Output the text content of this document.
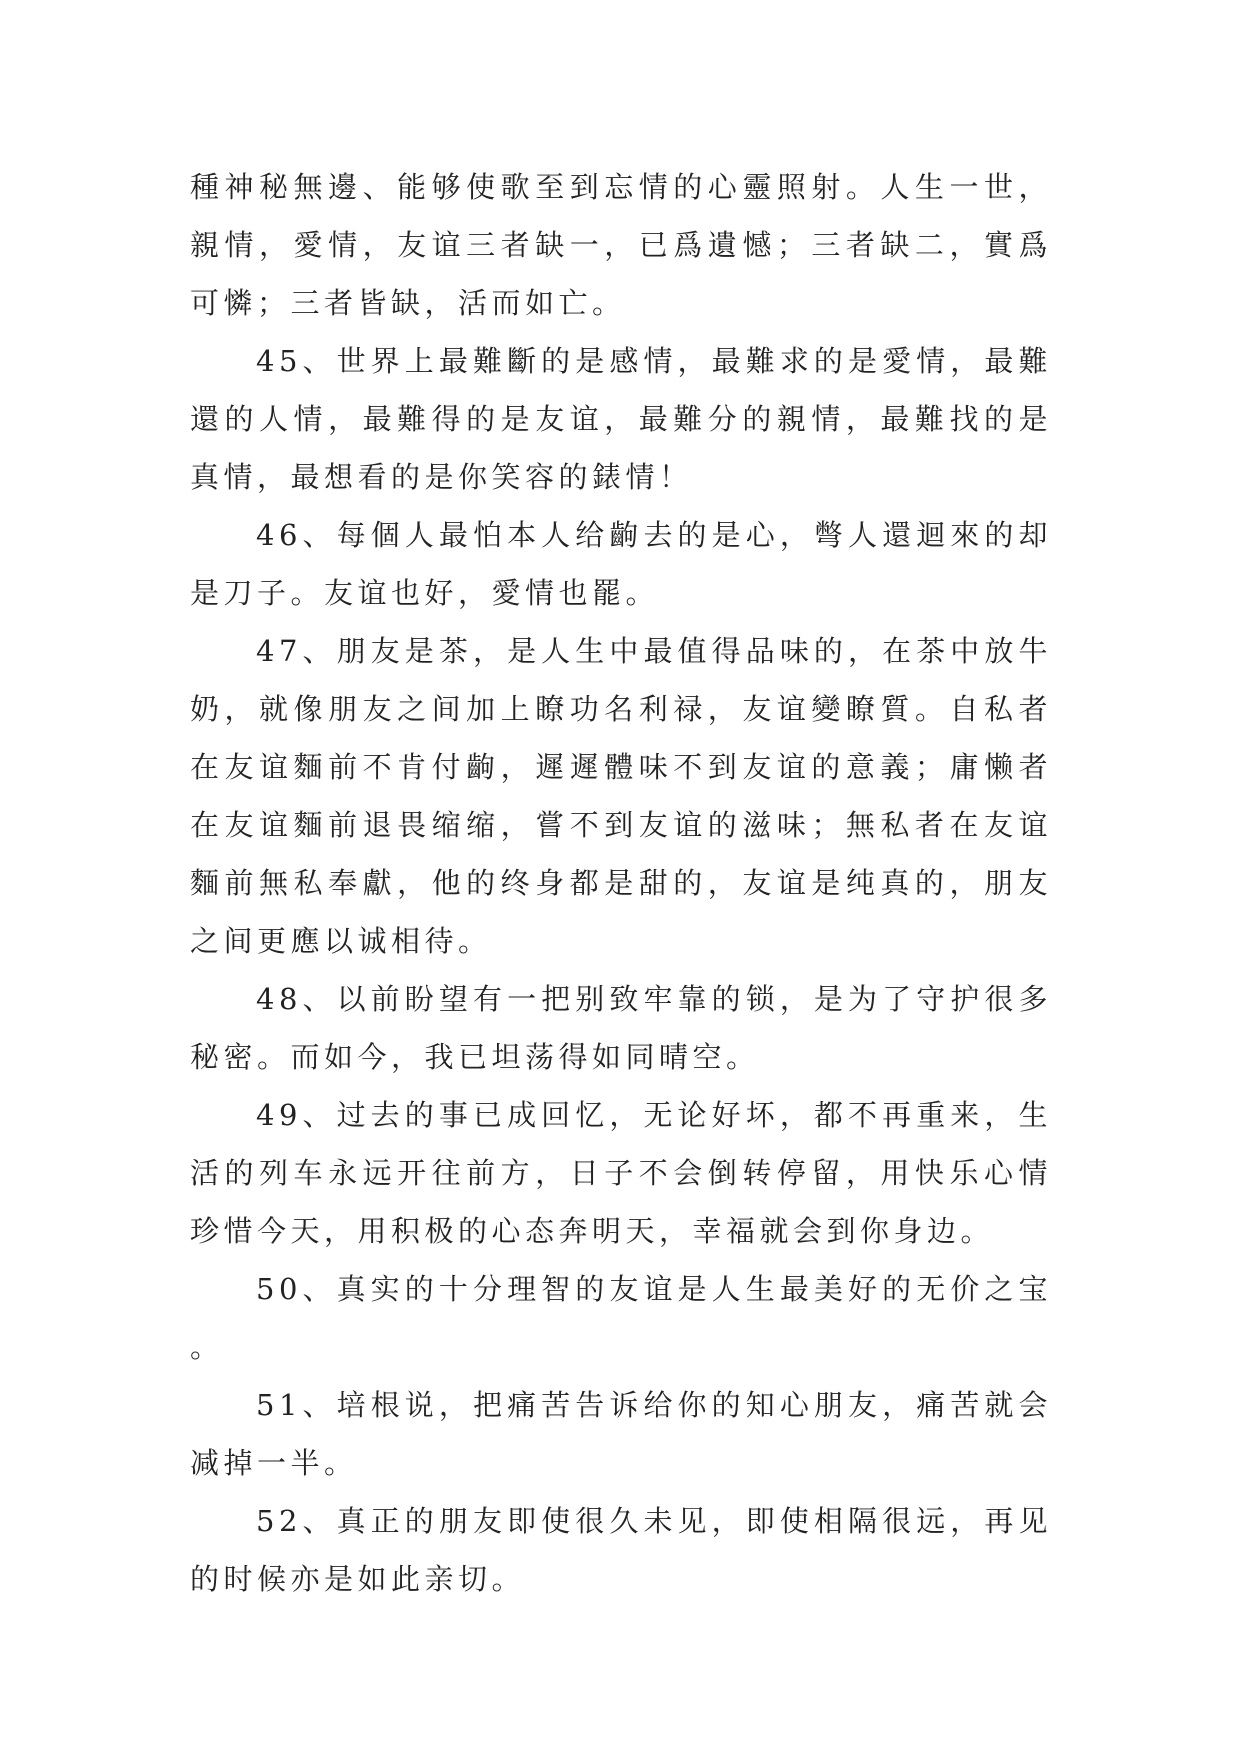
種神秘無邊、能够使歌至到忘情的心靈照射。人生一世，親情，愛情，友谊三者缺一，已爲遺憾；三者缺二，實爲可憐；三者皆缺，活而如亡。

45、世界上最難斷的是感情，最難求的是愛情，最難還的人情，最難得的是友谊，最難分的親情，最難找的是真情，最想看的是你笑容的錶情！

46、每個人最怕本人给齣去的是心，彆人還迴來的却是刀子。友谊也好，愛情也罷。

47、朋友是茶，是人生中最值得品味的，在茶中放牛奶，就像朋友之间加上瞭功名利禄，友谊變瞭質。自私者在友谊麵前不肯付齣，遲遲體味不到友谊的意義；庸懒者在友谊麵前退畏缩缩，嘗不到友谊的滋味；無私者在友谊麵前無私奉獻，他的终身都是甜的，友谊是纯真的，朋友之间更應以诚相待。

48、以前盼望有一把别致牢靠的锁，是为了守护很多秘密。而如今，我已坦荡得如同晴空。

49、过去的事已成回忆，无论好坏，都不再重来，生活的列车永远开往前方，日子不会倒转停留，用快乐心情珍惜今天，用积极的心态奔明天，幸福就会到你身边。

50、真实的十分理智的友谊是人生最美好的无价之宝。

51、培根说，把痛苦告诉给你的知心朋友，痛苦就会减掉一半。

52、真正的朋友即使很久未见，即使相隔很远，再见的时候亦是如此亲切。
